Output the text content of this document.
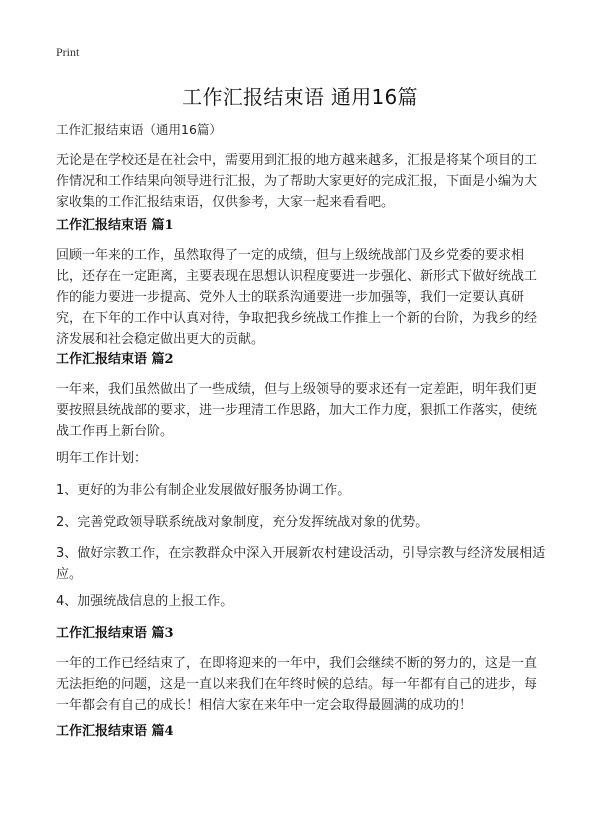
Print
工作汇报结束语 通用16篇

工作汇报结束语（通用16篇）

无论是在学校还是在社会中，需要用到汇报的地方越来越多，汇报是将某个项目的工作情况和工作结果向领导进行汇报，为了帮助大家更好的完成汇报，下面是小编为大家收集的工作汇报结束语，仅供参考，大家一起来看看吧。

工作汇报结束语 篇1

回顾一年来的工作，虽然取得了一定的成绩，但与上级统战部门及乡党委的要求相比，还存在一定距离，主要表现在思想认识程度要进一步强化、新形式下做好统战工作的能力要进一步提高、党外人士的联系沟通要进一步加强等，我们一定要认真研究，在下年的工作中认真对待，争取把我乡统战工作推上一个新的台阶，为我乡的经济发展和社会稳定做出更大的贡献。

工作汇报结束语 篇2

一年来，我们虽然做出了一些成绩，但与上级领导的要求还有一定差距，明年我们更要按照县统战部的要求，进一步理清工作思路，加大工作力度，狠抓工作落实，使统战工作再上新台阶。

明年工作计划：

1、更好的为非公有制企业发展做好服务协调工作。

2、完善党政领导联系统战对象制度，充分发挥统战对象的优势。

3、做好宗教工作，在宗教群众中深入开展新农村建设活动，引导宗教与经济发展相适应。

4、加强统战信息的上报工作。

工作汇报结束语 篇3

一年的工作已经结束了，在即将迎来的一年中，我们会继续不断的努力的，这是一直无法拒绝的问题，这是一直以来我们在年终时候的总结。每一年都有自己的进步，每一年都会有自己的成长！相信大家在来年中一定会取得最圆满的成功的！

工作汇报结束语 篇4
